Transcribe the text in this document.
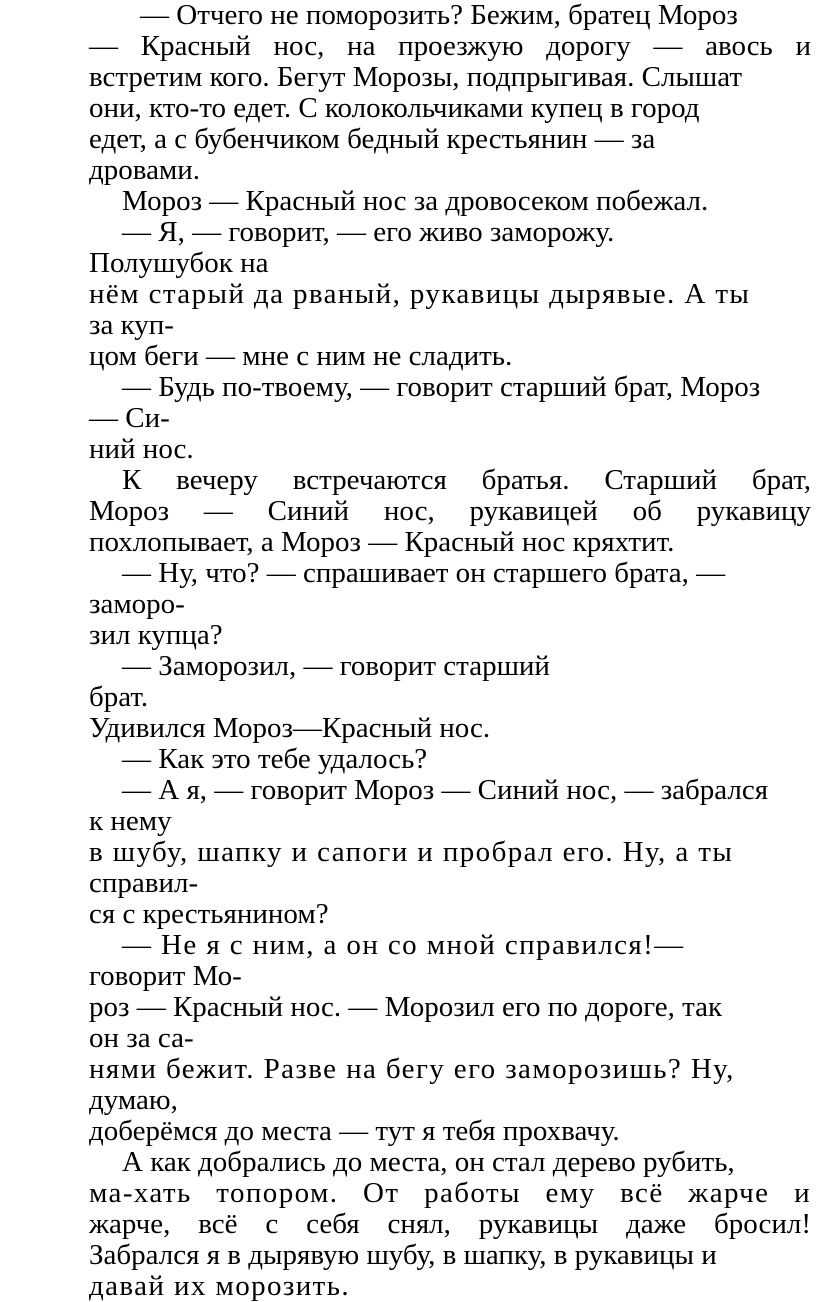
— Отчего не поморозить? Бежим, братец Мороз
— Красный нос, на проезжую дорогу — авось и
встретим кого. Бегут Морозы, подпрыгивая. Слышат
они, кто-то едет. С колокольчиками купец в город
едет, а с бубенчиком бедный крестьянин — за
дровами.
Мороз — Красный нос за дровосеком побежал.
— Я, — говорит, — его живо заморожу.
Полушубок на
нём старый да рваный, рукавицы дырявые. А ты
за куп-
цом беги — мне с ним не сладить.
— Будь по-твоему, — говорит старший брат, Мороз
— Си-
ний нос.
К вечеру встречаются братья. Старший брат,
Мороз — Синий нос, рукавицей об рукавицу
похлопывает, а Мороз — Красный нос кряхтит.
— Ну, что? — спрашивает он старшего брата, —
заморо-
зил купца?
— Заморозил, — говорит старший
брат.
Удивился Мороз—Красный нос.
— Как это тебе удалось?
— А я, — говорит Мороз — Синий нос, — забрался
к нему
в шубу, шапку и сапоги и пробрал его. Ну, а ты
справил-
ся с крестьянином?
— Не я с ним, а он со мной справился!—
говорит Мо-
роз — Красный нос. — Морозил его по дороге, так
он за са-
нями бежит. Разве на бегу его заморозишь? Ну,
думаю,
доберёмся до места — тут я тебя прохвачу.
А как добрались до места, он стал дерево рубить,
ма-хать топором. От работы ему всё жарче и
жарче, всё с себя снял, рукавицы даже бросил!
Забрался я в дырявую шубу, в шапку, в рукавицы и
давай их морозить.
